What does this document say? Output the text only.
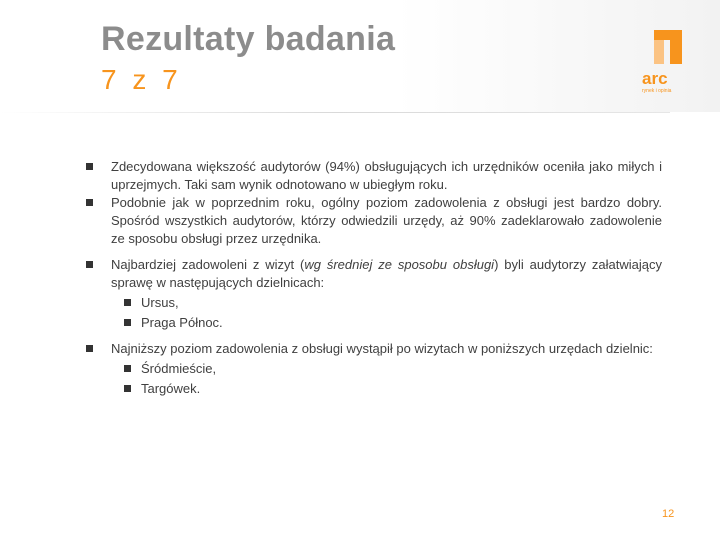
Rezultaty badania
7 z 7	arc
rynek i opinia
Zdecydowana większość audytorów (94%) obsługujących ich urzędników oceniła jako miłych i uprzejmych. Taki sam wynik odnotowano w ubiegłym roku.
Podobnie jak w poprzednim roku, ogólny poziom zadowolenia z obsługi jest bardzo dobry. Spośród wszystkich audytorów, którzy odwiedzili urzędy, aż 90% zadeklarowało zadowolenie ze sposobu obsługi przez urzędnika.
Najbardziej zadowoleni z wizyt (wg średniej ze sposobu obsługi) byli audytorzy załatwiający sprawę w następujących dzielnicach:
Ursus,
Praga Północ.
Najniższy poziom zadowolenia z obsługi wystąpił po wizytach w poniższych urzędach dzielnic:
Śródmieście,
Targówek.
12
